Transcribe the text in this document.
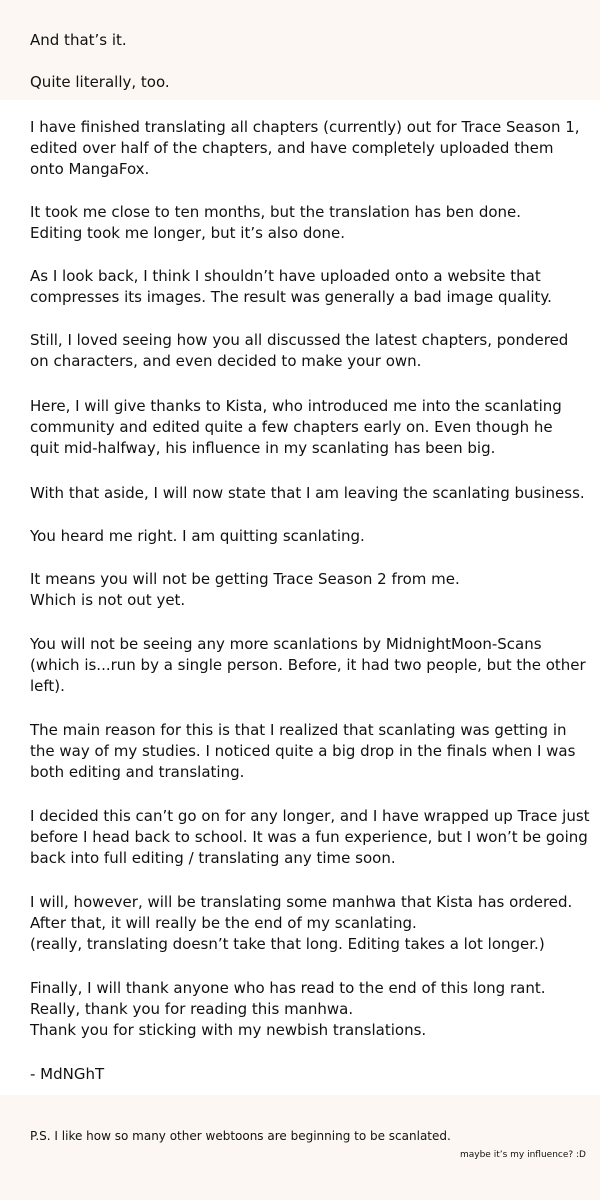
And that’s it.
Quite literally, too.
I have finished translating all chapters (currently) out for Trace Season 1,
edited over half of the chapters, and have completely uploaded them
onto MangaFox.
It took me close to ten months, but the translation has ben done.
Editing took me longer, but it’s also done.
As I look back, I think I shouldn’t have uploaded onto a website that
compresses its images. The result was generally a bad image quality.
Still, I loved seeing how you all discussed the latest chapters, pondered
on characters, and even decided to make your own.
Here, I will give thanks to Kista, who introduced me into the scanlating
community and edited quite a few chapters early on. Even though he
quit mid-halfway, his influence in my scanlating has been big.
With that aside, I will now state that I am leaving the scanlating business.
You heard me right. I am quitting scanlating.
It means you will not be getting Trace Season 2 from me.
Which is not out yet.
You will not be seeing any more scanlations by MidnightMoon-Scans
(which is...run by a single person. Before, it had two people, but the other
left).
The main reason for this is that I realized that scanlating was getting in
the way of my studies. I noticed quite a big drop in the finals when I was
both editing and translating.
I decided this can’t go on for any longer, and I have wrapped up Trace just
before I head back to school. It was a fun experience, but I won’t be going
back into full editing / translating any time soon.
I will, however, will be translating some manhwa that Kista has ordered.
After that, it will really be the end of my scanlating.
(really, translating doesn’t take that long. Editing takes a lot longer.)
Finally, I will thank anyone who has read to the end of this long rant.
Really, thank you for reading this manhwa.
Thank you for sticking with my newbish translations.
- MdNGhT
P.S. I like how so many other webtoons are beginning to be scanlated.
maybe it’s my influence? :D
